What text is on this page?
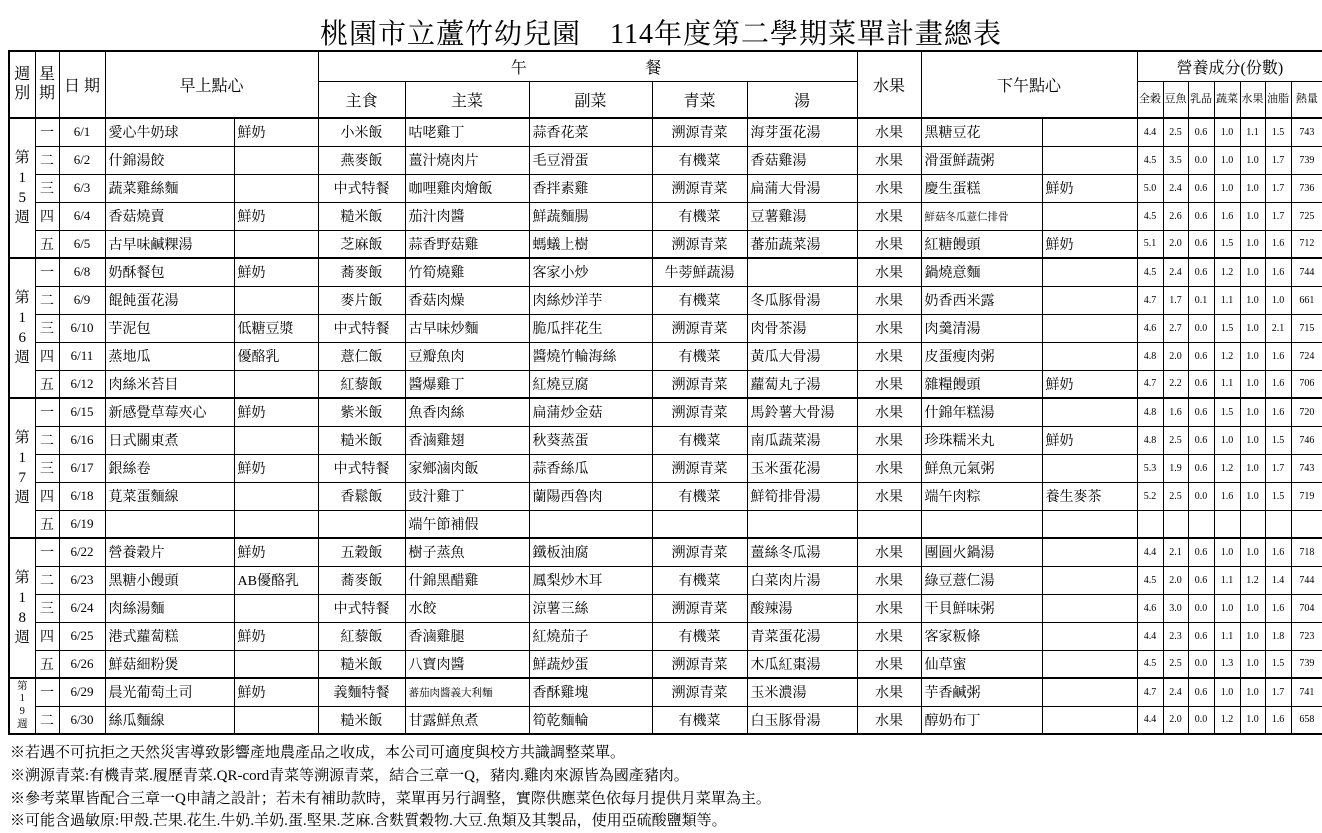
桃園市立蘆竹幼兒園　114年度第二學期菜單計畫總表
週別	星期	日 期	早上點心		午　餐					水果	下午點心		營養成分(份數)						
					主食	主菜	副菜	青菜	湯				全穀	豆魚	乳品	蔬菜	水果	油脂	熱量
第
1
5
週	一	6/1	愛心牛奶球	鮮奶	小米飯	咕咾雞丁	蒜香花菜	溯源青菜	海芽蛋花湯	水果	黑糖豆花		4.4	2.5	0.6	1.0	1.1	1.5	743
	二	6/2	什錦湯餃		燕麥飯	薑汁燒肉片	毛豆滑蛋	有機菜	香菇雞湯	水果	滑蛋鮮蔬粥		4.5	3.5	0.0	1.0	1.0	1.7	739
	三	6/3	蔬菜雞絲麵		中式特餐	咖哩雞肉燴飯	香拌素雞	溯源青菜	扁蒲大骨湯	水果	慶生蛋糕	鮮奶	5.0	2.4	0.6	1.0	1.0	1.7	736
	四	6/4	香菇燒賣	鮮奶	糙米飯	茄汁肉醬	鮮蔬麵腸	有機菜	豆薯雞湯	水果	鮮菇冬瓜薏仁排骨		4.5	2.6	0.6	1.6	1.0	1.7	725
	五	6/5	古早味鹹粿湯		芝麻飯	蒜香野菇雞	螞蟻上樹	溯源青菜	蕃茄蔬菜湯	水果	紅糖饅頭	鮮奶	5.1	2.0	0.6	1.5	1.0	1.6	712
第
1
6
週	一	6/8	奶酥餐包	鮮奶	蕎麥飯	竹筍燒雞	客家小炒	牛蒡鮮蔬湯		水果	鍋燒意麵		4.5	2.4	0.6	1.2	1.0	1.6	744
	二	6/9	餛飩蛋花湯		麥片飯	香菇肉燥	肉絲炒洋芋	有機菜	冬瓜豚骨湯	水果	奶香西米露		4.7	1.7	0.1	1.1	1.0	1.0	661
	三	6/10	芋泥包	低糖豆漿	中式特餐	古早味炒麵	脆瓜拌花生	溯源青菜	肉骨茶湯	水果	肉羹清湯		4.6	2.7	0.0	1.5	1.0	2.1	715
	四	6/11	蒸地瓜	優酪乳	薏仁飯	豆瓣魚肉	醬燒竹輪海絲	有機菜	黃瓜大骨湯	水果	皮蛋瘦肉粥		4.8	2.0	0.6	1.2	1.0	1.6	724
	五	6/12	肉絲米苔目		紅藜飯	醬爆雞丁	紅燒豆腐	溯源青菜	蘿蔔丸子湯	水果	雜糧饅頭	鮮奶	4.7	2.2	0.6	1.1	1.0	1.6	706
第
1
7
週	一	6/15	新感覺草莓夾心	鮮奶	紫米飯	魚香肉絲	扁蒲炒金菇	溯源青菜	馬鈴薯大骨湯	水果	什錦年糕湯		4.8	1.6	0.6	1.5	1.0	1.6	720
	二	6/16	日式關東煮		糙米飯	香滷雞翅	秋葵蒸蛋	有機菜	南瓜蔬菜湯	水果	珍珠糯米丸	鮮奶	4.8	2.5	0.6	1.0	1.0	1.5	746
	三	6/17	銀絲卷	鮮奶	中式特餐	家鄉滷肉飯	蒜香絲瓜	溯源青菜	玉米蛋花湯	水果	鮮魚元氣粥		5.3	1.9	0.6	1.2	1.0	1.7	743
	四	6/18	莧菜蛋麵線		香鬆飯	豉汁雞丁	蘭陽西魯肉	有機菜	鮮筍排骨湯	水果	端午肉粽	養生麥茶	5.2	2.5	0.0	1.6	1.0	1.5	719
	五	6/19				端午節補假													
第
1
8
週	一	6/22	營養穀片	鮮奶	五穀飯	樹子蒸魚	鐵板油腐	溯源青菜	薑絲冬瓜湯	水果	團圓火鍋湯		4.4	2.1	0.6	1.0	1.0	1.6	718
	二	6/23	黑糖小饅頭	AB優酪乳	蕎麥飯	什錦黑醋雞	鳳梨炒木耳	有機菜	白菜肉片湯	水果	綠豆薏仁湯		4.5	2.0	0.6	1.1	1.2	1.4	744
	三	6/24	肉絲湯麵		中式特餐	水餃	涼薯三絲	溯源青菜	酸辣湯	水果	干貝鮮味粥		4.6	3.0	0.0	1.0	1.0	1.6	704
	四	6/25	港式蘿蔔糕	鮮奶	紅藜飯	香滷雞腿	紅燒茄子	有機菜	青菜蛋花湯	水果	客家粄條		4.4	2.3	0.6	1.1	1.0	1.8	723
	五	6/26	鮮菇細粉煲		糙米飯	八寶肉醬	鮮蔬炒蛋	溯源青菜	木瓜紅棗湯	水果	仙草蜜		4.5	2.5	0.0	1.3	1.0	1.5	739
第
1
9
週	一	6/29	晨光葡萄土司	鮮奶	義麵特餐	蕃茄肉醬義大利麵	香酥雞塊	溯源青菜	玉米濃湯	水果	芋香鹹粥		4.7	2.4	0.6	1.0	1.0	1.7	741
	二	6/30	絲瓜麵線		糙米飯	甘露鮮魚煮	筍乾麵輪	有機菜	白玉豚骨湯	水果	醇奶布丁		4.4	2.0	0.0	1.2	1.0	1.6	658
※若遇不可抗拒之天然災害導致影響產地農產品之收成，本公司可適度與校方共識調整菜單。
※溯源青菜:有機青菜.履歷青菜.QR-cord青菜等溯源青菜，結合三章一Q，豬肉.雞肉來源皆為國產豬肉。
※參考菜單皆配合三章一Q申請之設計；若未有補助款時，菜單再另行調整，實際供應菜色依每月提供月菜單為主。
※可能含過敏原:甲殼.芒果.花生.牛奶.羊奶.蛋.堅果.芝麻.含麩質穀物.大豆.魚類及其製品，使用亞硫酸鹽類等。
